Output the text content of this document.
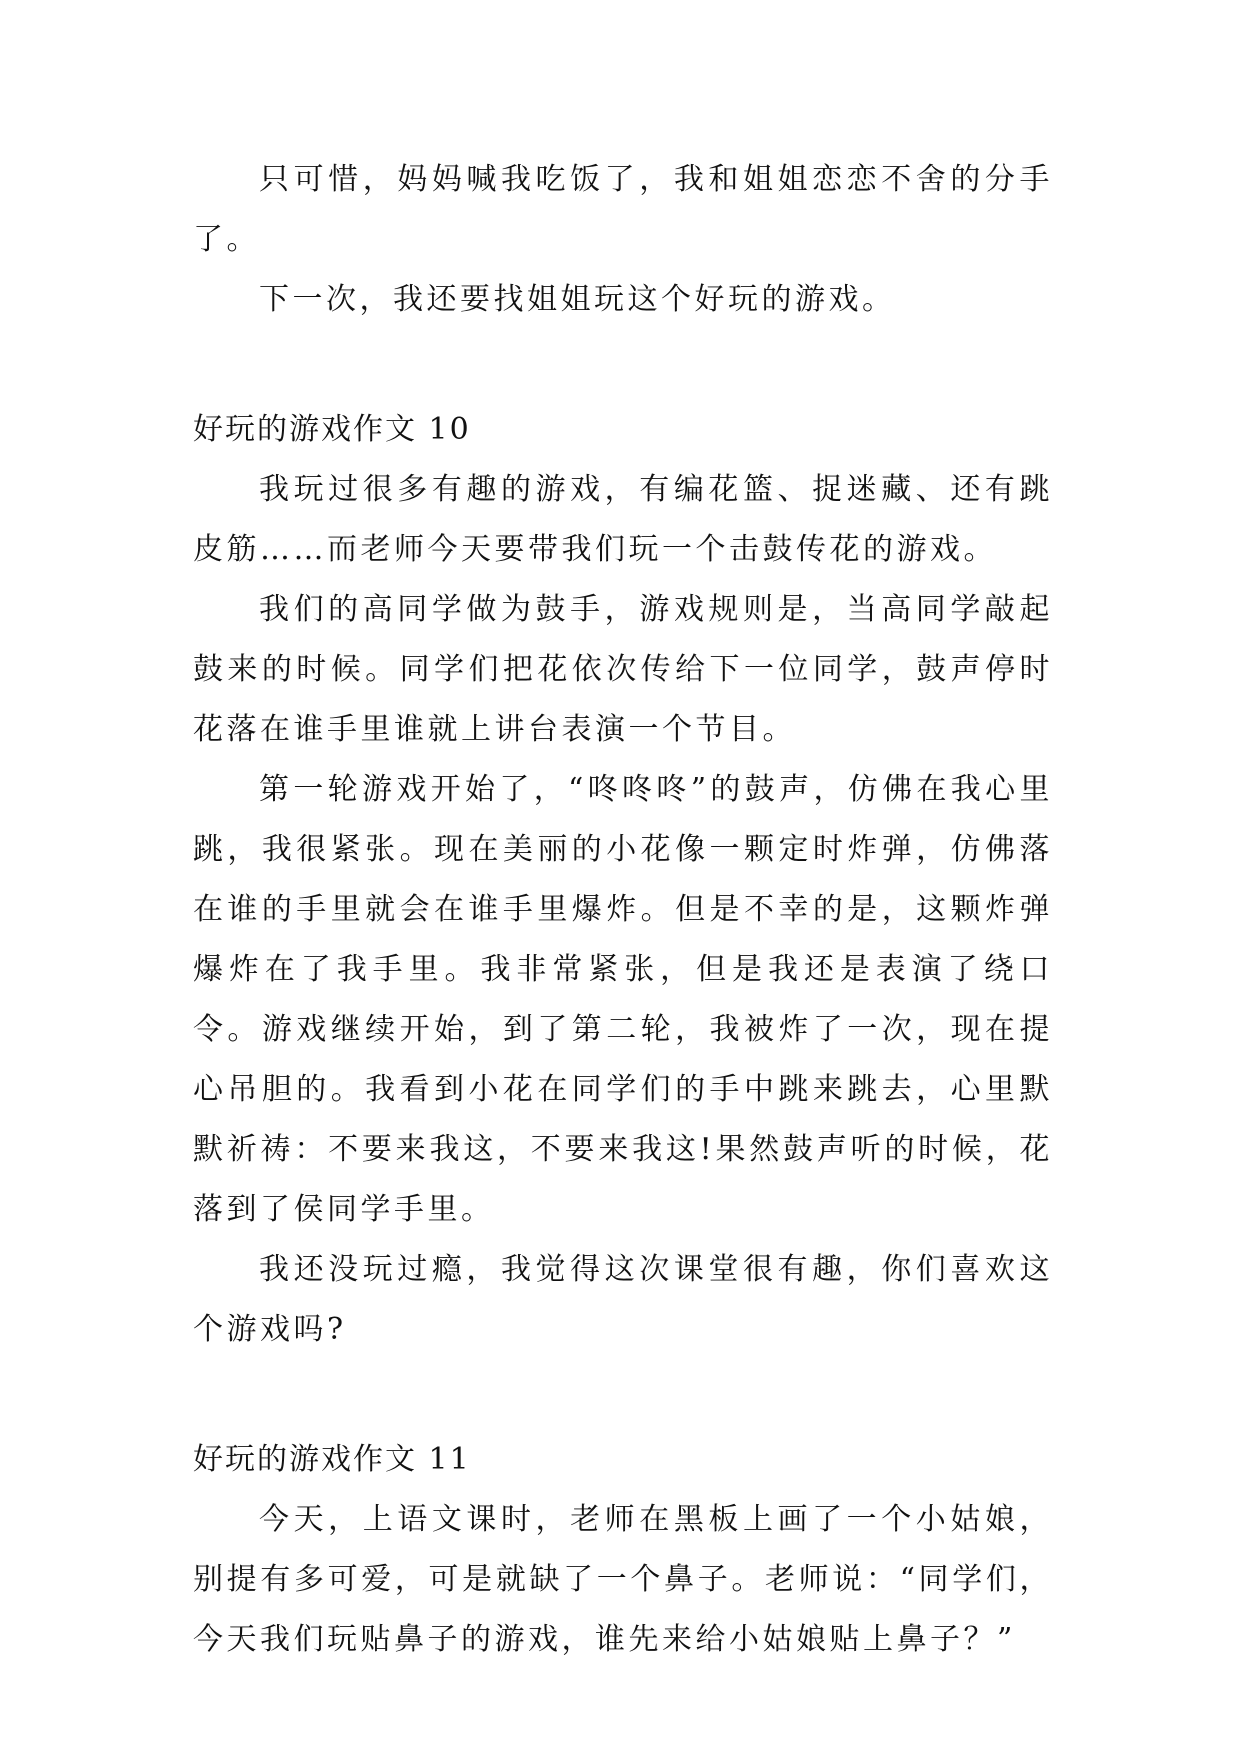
只可惜，妈妈喊我吃饭了，我和姐姐恋恋不舍的分手了。

下一次，我还要找姐姐玩这个好玩的游戏。

好玩的游戏作文 10

我玩过很多有趣的游戏，有编花篮、捉迷藏、还有跳皮筋……而老师今天要带我们玩一个击鼓传花的游戏。

我们的高同学做为鼓手，游戏规则是，当高同学敲起鼓来的时候。同学们把花依次传给下一位同学，鼓声停时花落在谁手里谁就上讲台表演一个节目。

第一轮游戏开始了，“咚咚咚”的鼓声，仿佛在我心里跳，我很紧张。现在美丽的小花像一颗定时炸弹，仿佛落在谁的手里就会在谁手里爆炸。但是不幸的是，这颗炸弹爆炸在了我手里。我非常紧张，但是我还是表演了绕口令。游戏继续开始，到了第二轮，我被炸了一次，现在提心吊胆的。我看到小花在同学们的手中跳来跳去，心里默默祈祷：不要来我这，不要来我这!果然鼓声听的时候，花落到了侯同学手里。

我还没玩过瘾，我觉得这次课堂很有趣，你们喜欢这个游戏吗?

好玩的游戏作文 11

今天，上语文课时，老师在黑板上画了一个小姑娘，别提有多可爱，可是就缺了一个鼻子。老师说：“同学们，今天我们玩贴鼻子的游戏，谁先来给小姑娘贴上鼻子？”
